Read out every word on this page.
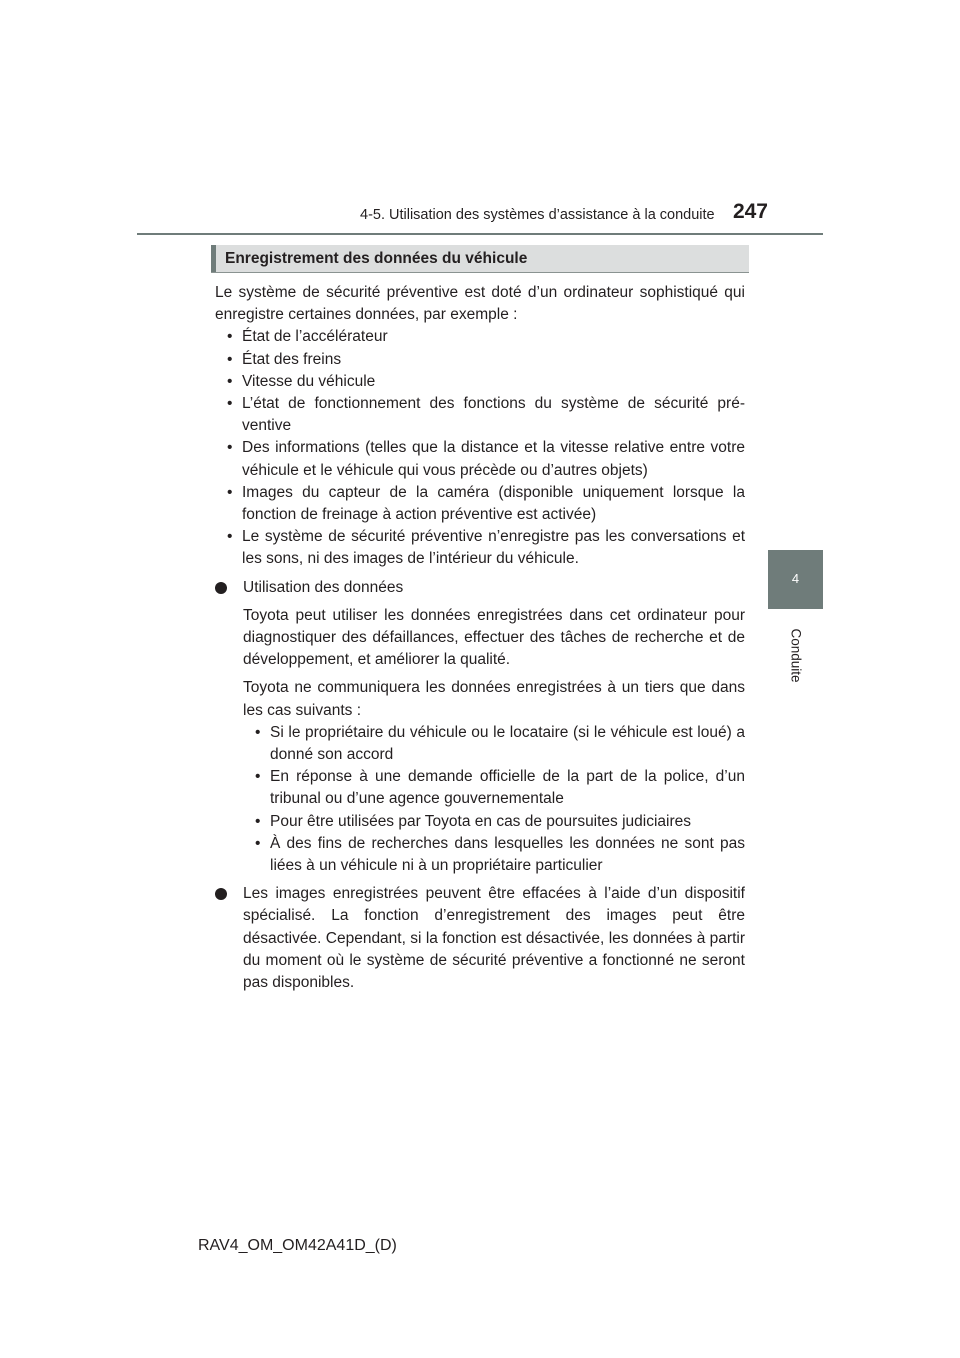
4-5. Utilisation des systèmes d’assistance à la conduite 247
4
Conduite
Enregistrement des données du véhicule

Le système de sécurité préventive est doté d’un ordinateur sophistiqué qui enregistre certaines données, par exemple :

• État de l’accélérateur
• État des freins
• Vitesse du véhicule
• L’état de fonctionnement des fonctions du système de sécurité préventive
• Des informations (telles que la distance et la vitesse relative entre votre véhicule et le véhicule qui vous précède ou d’autres objets)
• Images du capteur de la caméra (disponible uniquement lorsque la fonction de freinage à action préventive est activée)
• Le système de sécurité préventive n’enregistre pas les conversations et les sons, ni des images de l’intérieur du véhicule.

Utilisation des données

Toyota peut utiliser les données enregistrées dans cet ordinateur pour diagnostiquer des défaillances, effectuer des tâches de recherche et de développement, et améliorer la qualité.

Toyota ne communiquera les données enregistrées à un tiers que dans les cas suivants :

• Si le propriétaire du véhicule ou le locataire (si le véhicule est loué) a donné son accord
• En réponse à une demande officielle de la part de la police, d’un tribunal ou d’une agence gouvernementale
• Pour être utilisées par Toyota en cas de poursuites judiciaires
• À des fins de recherches dans lesquelles les données ne sont pas liées à un véhicule ni à un propriétaire particulier

Les images enregistrées peuvent être effacées à l’aide d’un dispositif spécialisé. La fonction d’enregistrement des images peut être désactivée. Cependant, si la fonction est désactivée, les données à partir du moment où le système de sécurité préventive a fonctionné ne seront pas disponibles.

RAV4_OM_OM42A41D_(D)
